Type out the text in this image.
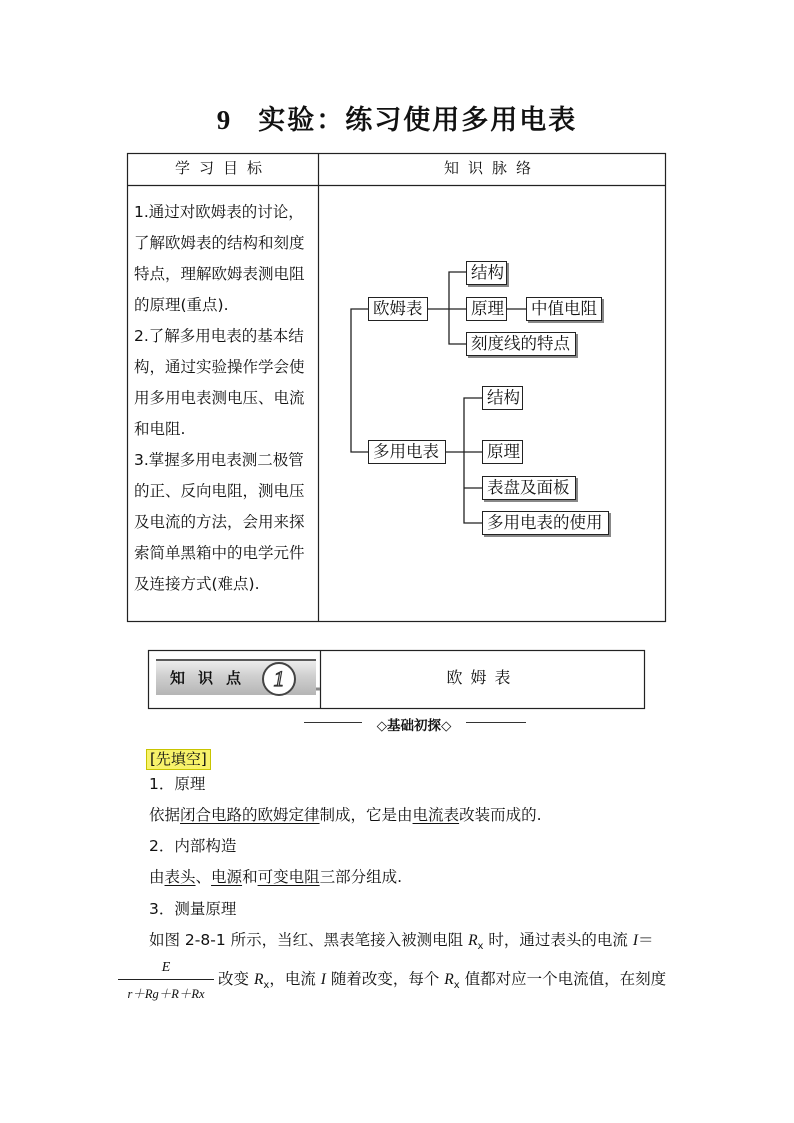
9 实验：练习使用多用电表
学习目标	知识脉络
1.通过对欧姆表的讨论，
了解欧姆表的结构和刻度
特点，理解欧姆表测电阻
的原理(重点).
2.了解多用电表的基本结
构，通过实验操作学会使
用多用电表测电压、电流
和电阻.
3.掌握多用电表测二极管
的正、反向电阻，测电压
及电流的方法，会用来探
索简单黑箱中的电学元件
及连接方式(难点).
欧姆表
结构
原理	中值电阻
刻度线的特点
多用电表
结构
原理
表盘及面板
多用电表的使用
知识点 1	欧姆表
◇基础初探◇
[先填空]
1．原理
依据闭合电路的欧姆定律制成，它是由电流表改装而成的.
2．内部构造
由表头、电源和可变电阻三部分组成.
3．测量原理
如图 2-8-1 所示，当红、黑表笔接入被测电阻 $R_x$ 时，通过表头的电流 I＝
E
r＋Rg＋R＋Rx
改变 $R_x$，电流 I 随着改变，每个 $R_x$ 值都对应一个电流值，在刻度
